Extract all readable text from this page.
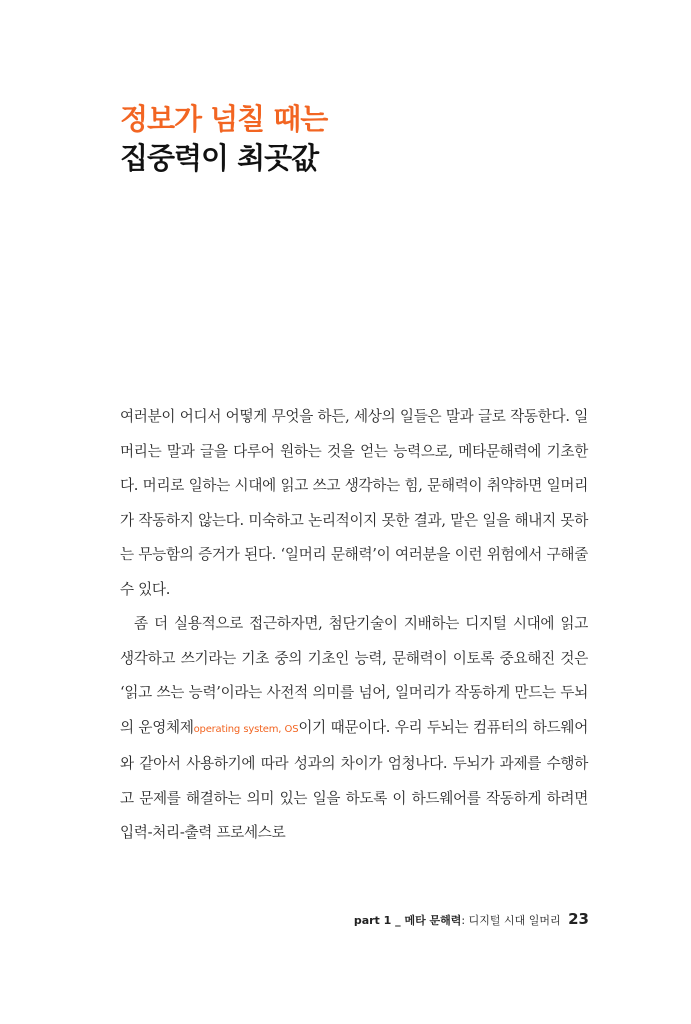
정보가 넘칠 때는
집중력이 최곳값

여러분이 어디서 어떻게 무엇을 하든, 세상의 일들은 말과 글로 작동한다. 일머리는 말과 글을 다루어 원하는 것을 얻는 능력으로, 메타문해력에 기초한다. 머리로 일하는 시대에 읽고 쓰고 생각하는 힘, 문해력이 취약하면 일머리가 작동하지 않는다. 미숙하고 논리적이지 못한 결과, 맡은 일을 해내지 못하는 무능함의 증거가 된다. ‘일머리 문해력’이 여러분을 이런 위험에서 구해줄 수 있다.

좀 더 실용적으로 접근하자면, 첨단기술이 지배하는 디지털 시대에 읽고 생각하고 쓰기라는 기초 중의 기초인 능력, 문해력이 이토록 중요해진 것은 ‘읽고 쓰는 능력’이라는 사전적 의미를 넘어, 일머리가 작동하게 만드는 두뇌의 운영체제operating system, OS이기 때문이다. 우리 두뇌는 컴퓨터의 하드웨어와 같아서 사용하기에 따라 성과의 차이가 엄청나다. 두뇌가 과제를 수행하고 문제를 해결하는 의미 있는 일을 하도록 이 하드웨어를 작동하게 하려면 입력-처리-출력 프로세스로

part 1 _ 메타 문해력: 디지털 시대 일머리 23
